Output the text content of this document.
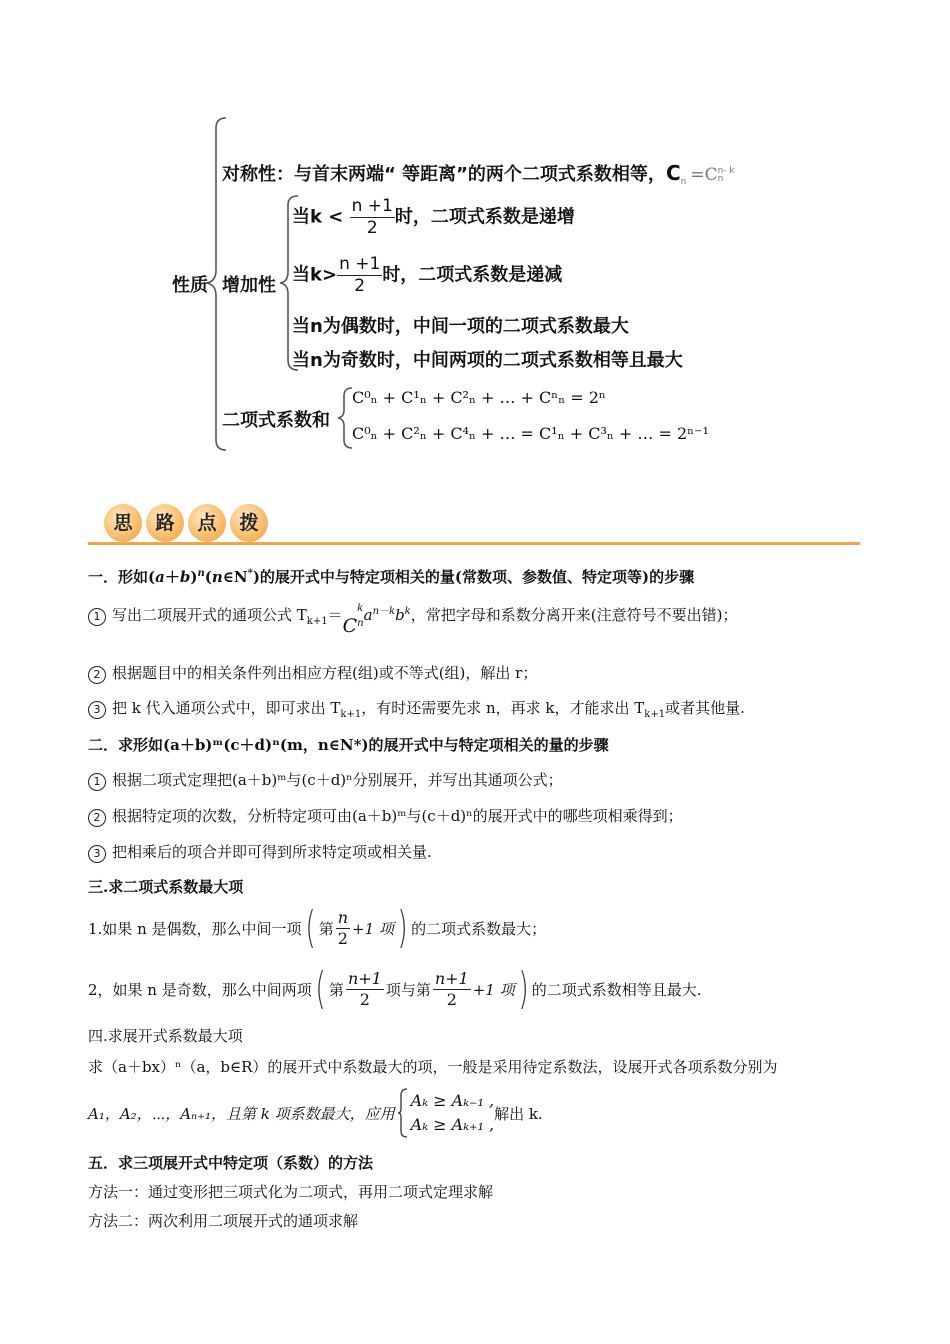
性质
对称性：与首末两端“ 等距离”的两个二项式系数相等，$C_n =C$ n- k
n
增加性
当$k < \frac{n +1}{2}$ 时，二项式系数是递增
当$k> \frac{n +1}{2}$ 时，二项式系数是递减
当n为偶数时，中间一项的二项式系数最大
当n为奇数时，中间两项的二项式系数相等且最大
二项式系数和
C⁰ₙ + C¹ₙ + C²ₙ + … + Cⁿₙ = 2ⁿ
C⁰ₙ + C²ₙ + C⁴ₙ + … = C¹ₙ + C³ₙ + … = 2ⁿ⁻¹
思 路 点 拨
一．形如$(a+b)^n(n\in N^*)$的展开式中与特定项相关的量(常数项、参数值、特定项等)的步骤
1 写出二项展开式的通项公式 $T_{k+1}=C$
k
n $a^{n-k}b^k$，常把字母和系数分离开来(注意符号不要出错)；
2 根据题目中的相关条件列出相应方程(组)或不等式(组)，解出 r；
3 把 k 代入通项公式中，即可求出 $T_{k+1}$，有时还需要先求 n，再求 k，才能求出 $T_{k+1}$或者其他量.
二．求形如(a＋b)ᵐ(c＋d)ⁿ(m，n∈N*)的展开式中与特定项相关的量的步骤
1 根据二项式定理把(a＋b)ᵐ与(c＋d)ⁿ分别展开，并写出其通项公式；
2 根据特定项的次数，分析特定项可由(a＋b)ᵐ与(c＋d)ⁿ的展开式中的哪些项相乘得到；
3 把相乘后的项合并即可得到所求特定项或相关量.
三.求二项式系数最大项
1.如果 n 是偶数，那么中间一项 ( 第 $\frac{n}{2} +1$ 项 ) 的二项式系数最大；
2，如果 n 是奇数，那么中间两项 ( 第 $\frac{n+1}{2}$ 项与第 $\frac{n+1}{2} +1$ 项 ) 的二项式系数相等且最大.
四.求展开式系数最大项
求（a＋bx）ⁿ（a，b∈R）的展开式中系数最大的项，一般是采用待定系数法，设展开式各项系数分别为
A₁，A₂，⋯，Aₙ₊₁，且第 k 项系数最大，应用
Aₖ ≥ Aₖ₋₁ ,
Aₖ ≥ Aₖ₊₁ ,
解出 k.
五．求三项展开式中特定项（系数）的方法
方法一：通过变形把三项式化为二项式，再用二项式定理求解
方法二：两次利用二项展开式的通项求解
